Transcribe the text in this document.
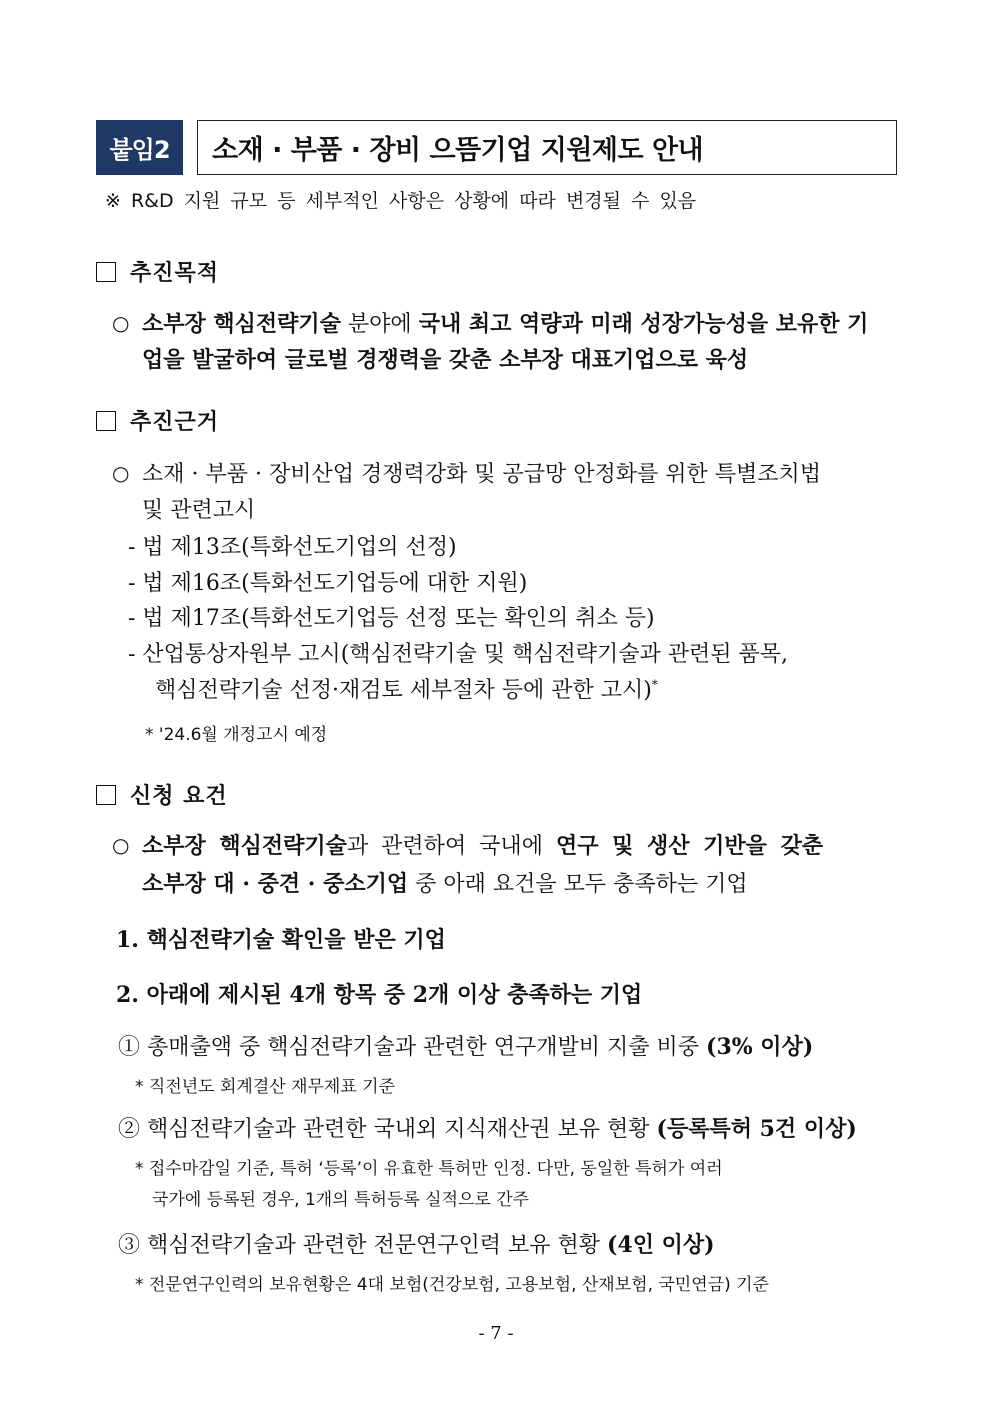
붙임2	소재 · 부품 · 장비 으뜸기업 지원제도 안내
※ R&D 지원 규모 등 세부적인 사항은 상황에 따라 변경될 수 있음
추진목적
○ 소부장 핵심전략기술 분야에 국내 최고 역량과 미래 성장가능성을 보유한 기
업을 발굴하여 글로벌 경쟁력을 갖춘 소부장 대표기업으로 육성
추진근거
○ 소재 · 부품 · 장비산업 경쟁력강화 및 공급망 안정화를 위한 특별조치법
및 관련고시
- 법 제13조(특화선도기업의 선정)
- 법 제16조(특화선도기업등에 대한 지원)
- 법 제17조(특화선도기업등 선정 또는 확인의 취소 등)
- 산업통상자원부 고시(핵심전략기술 및 핵심전략기술과 관련된 품목,
핵심전략기술 선정·재검토 세부절차 등에 관한 고시)*
* '24.6월 개정고시 예정
신청 요건
○ 소부장 핵심전략기술과 관련하여 국내에 연구 및 생산 기반을 갖춘
소부장 대 · 중견 · 중소기업 중 아래 요건을 모두 충족하는 기업
1. 핵심전략기술 확인을 받은 기업
2. 아래에 제시된 4개 항목 중 2개 이상 충족하는 기업
① 총매출액 중 핵심전략기술과 관련한 연구개발비 지출 비중 (3% 이상)
* 직전년도 회계결산 재무제표 기준
② 핵심전략기술과 관련한 국내외 지식재산권 보유 현황 (등록특허 5건 이상)
* 접수마감일 기준, 특허 ‘등록’이 유효한 특허만 인정. 다만, 동일한 특허가 여러
국가에 등록된 경우, 1개의 특허등록 실적으로 간주
③ 핵심전략기술과 관련한 전문연구인력 보유 현황 (4인 이상)
* 전문연구인력의 보유현황은 4대 보험(건강보험, 고용보험, 산재보험, 국민연금) 기준
- 7 -
